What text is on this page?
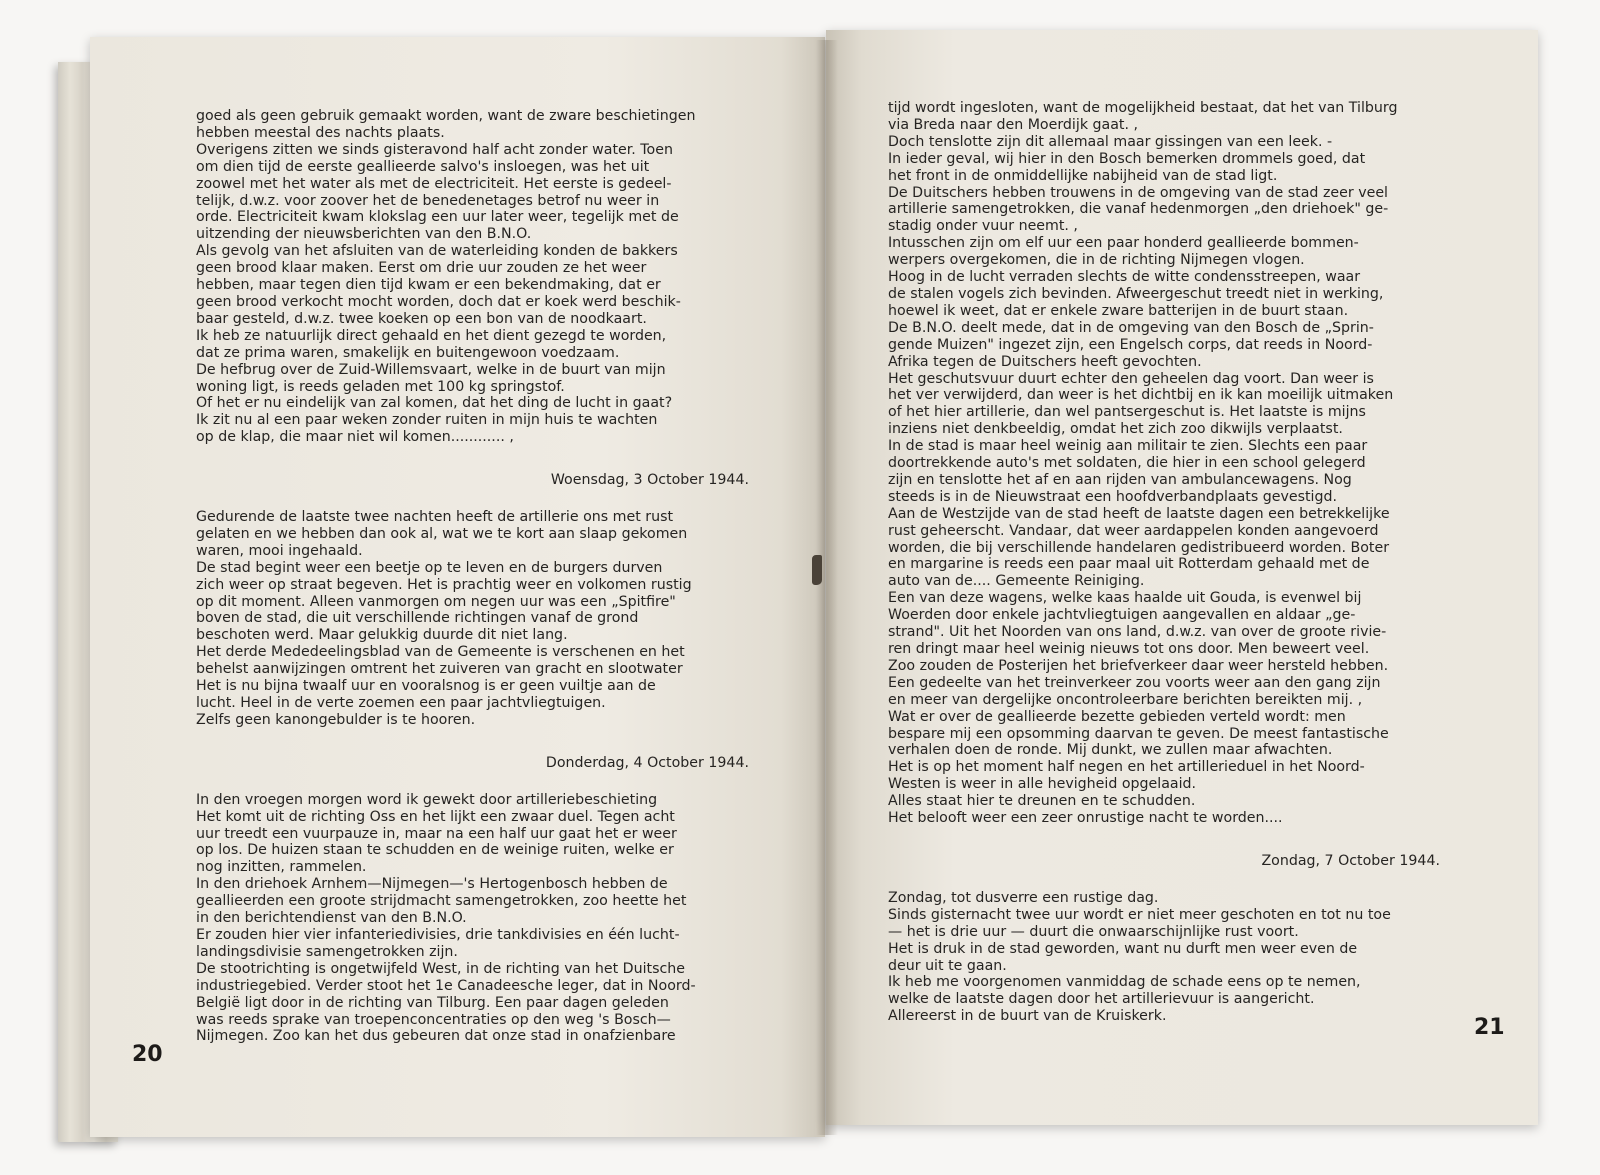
goed als geen gebruik gemaakt worden, want de zware beschietingen

hebben meestal des nachts plaats.

Overigens zitten we sinds gisteravond half acht zonder water. Toen

om dien tijd de eerste geallieerde salvo's insloegen, was het uit

zoowel met het water als met de electriciteit. Het eerste is gedeel-

telijk, d.w.z. voor zoover het de benedenetages betrof nu weer in

orde. Electriciteit kwam klokslag een uur later weer, tegelijk met de

uitzending der nieuwsberichten van den B.N.O.

Als gevolg van het afsluiten van de waterleiding konden de bakkers

geen brood klaar maken. Eerst om drie uur zouden ze het weer

hebben, maar tegen dien tijd kwam er een bekendmaking, dat er

geen brood verkocht mocht worden, doch dat er koek werd beschik-

baar gesteld, d.w.z. twee koeken op een bon van de noodkaart.

Ik heb ze natuurlijk direct gehaald en het dient gezegd te worden,

dat ze prima waren, smakelijk en buitengewoon voedzaam.

De hefbrug over de Zuid-Willemsvaart, welke in de buurt van mijn

woning ligt, is reeds geladen met 100 kg springstof.

Of het er nu eindelijk van zal komen, dat het ding de lucht in gaat?

Ik zit nu al een paar weken zonder ruiten in mijn huis te wachten

op de klap, die maar niet wil komen............ ,

Woensdag, 3 October 1944.

Gedurende de laatste twee nachten heeft de artillerie ons met rust

gelaten en we hebben dan ook al, wat we te kort aan slaap gekomen

waren, mooi ingehaald.

De stad begint weer een beetje op te leven en de burgers durven

zich weer op straat begeven. Het is prachtig weer en volkomen rustig

op dit moment. Alleen vanmorgen om negen uur was een „Spitfire"

boven de stad, die uit verschillende richtingen vanaf de grond

beschoten werd. Maar gelukkig duurde dit niet lang.

Het derde Mededeelingsblad van de Gemeente is verschenen en het

behelst aanwijzingen omtrent het zuiveren van gracht en slootwater

Het is nu bijna twaalf uur en vooralsnog is er geen vuiltje aan de

lucht. Heel in de verte zoemen een paar jachtvliegtuigen.

Zelfs geen kanongebulder is te hooren.

Donderdag, 4 October 1944.

In den vroegen morgen word ik gewekt door artilleriebeschieting

Het komt uit de richting Oss en het lijkt een zwaar duel. Tegen acht

uur treedt een vuurpauze in, maar na een half uur gaat het er weer

op los. De huizen staan te schudden en de weinige ruiten, welke er

nog inzitten, rammelen.

In den driehoek Arnhem—Nijmegen—'s Hertogenbosch hebben de

geallieerden een groote strijdmacht samengetrokken, zoo heette het

in den berichtendienst van den B.N.O.

Er zouden hier vier infanteriedivisies, drie tankdivisies en één lucht-

landingsdivisie samengetrokken zijn.

De stootrichting is ongetwijfeld West, in de richting van het Duitsche

industriegebied. Verder stoot het 1e Canadeesche leger, dat in Noord-

België ligt door in de richting van Tilburg. Een paar dagen geleden

was reeds sprake van troepenconcentraties op den weg 's Bosch—

Nijmegen. Zoo kan het dus gebeuren dat onze stad in onafzienbare

tijd wordt ingesloten, want de mogelijkheid bestaat, dat het van Tilburg

via Breda naar den Moerdijk gaat. ,

Doch tenslotte zijn dit allemaal maar gissingen van een leek. -

In ieder geval, wij hier in den Bosch bemerken drommels goed, dat

het front in de onmiddellijke nabijheid van de stad ligt.

De Duitschers hebben trouwens in de omgeving van de stad zeer veel

artillerie samengetrokken, die vanaf hedenmorgen „den driehoek" ge-

stadig onder vuur neemt. ,

Intusschen zijn om elf uur een paar honderd geallieerde bommen-

werpers overgekomen, die in de richting Nijmegen vlogen.

Hoog in de lucht verraden slechts de witte condensstreepen, waar

de stalen vogels zich bevinden. Afweergeschut treedt niet in werking,

hoewel ik weet, dat er enkele zware batterijen in de buurt staan.

De B.N.O. deelt mede, dat in de omgeving van den Bosch de „Sprin-

gende Muizen" ingezet zijn, een Engelsch corps, dat reeds in Noord-

Afrika tegen de Duitschers heeft gevochten.

Het geschutsvuur duurt echter den geheelen dag voort. Dan weer is

het ver verwijderd, dan weer is het dichtbij en ik kan moeilijk uitmaken

of het hier artillerie, dan wel pantsergeschut is. Het laatste is mijns

inziens niet denkbeeldig, omdat het zich zoo dikwijls verplaatst.

In de stad is maar heel weinig aan militair te zien. Slechts een paar

doortrekkende auto's met soldaten, die hier in een school gelegerd

zijn en tenslotte het af en aan rijden van ambulancewagens. Nog

steeds is in de Nieuwstraat een hoofdverbandplaats gevestigd.

Aan de Westzijde van de stad heeft de laatste dagen een betrekkelijke

rust geheerscht. Vandaar, dat weer aardappelen konden aangevoerd

worden, die bij verschillende handelaren gedistribueerd worden. Boter

en margarine is reeds een paar maal uit Rotterdam gehaald met de

auto van de.... Gemeente Reiniging.

Een van deze wagens, welke kaas haalde uit Gouda, is evenwel bij

Woerden door enkele jachtvliegtuigen aangevallen en aldaar „ge-

strand". Uit het Noorden van ons land, d.w.z. van over de groote rivie-

ren dringt maar heel weinig nieuws tot ons door. Men beweert veel.

Zoo zouden de Posterijen het briefverkeer daar weer hersteld hebben.

Een gedeelte van het treinverkeer zou voorts weer aan den gang zijn

en meer van dergelijke oncontroleerbare berichten bereikten mij. ,

Wat er over de geallieerde bezette gebieden verteld wordt: men

bespare mij een opsomming daarvan te geven. De meest fantastische

verhalen doen de ronde. Mij dunkt, we zullen maar afwachten.

Het is op het moment half negen en het artillerieduel in het Noord-

Westen is weer in alle hevigheid opgelaaid.

Alles staat hier te dreunen en te schudden.

Het belooft weer een zeer onrustige nacht te worden....

Zondag, 7 October 1944.

Zondag, tot dusverre een rustige dag.

Sinds gisternacht twee uur wordt er niet meer geschoten en tot nu toe

— het is drie uur — duurt die onwaarschijnlijke rust voort.

Het is druk in de stad geworden, want nu durft men weer even de

deur uit te gaan.

Ik heb me voorgenomen vanmiddag de schade eens op te nemen,

welke de laatste dagen door het artillerievuur is aangericht.

Allereerst in de buurt van de Kruiskerk.

20
21
